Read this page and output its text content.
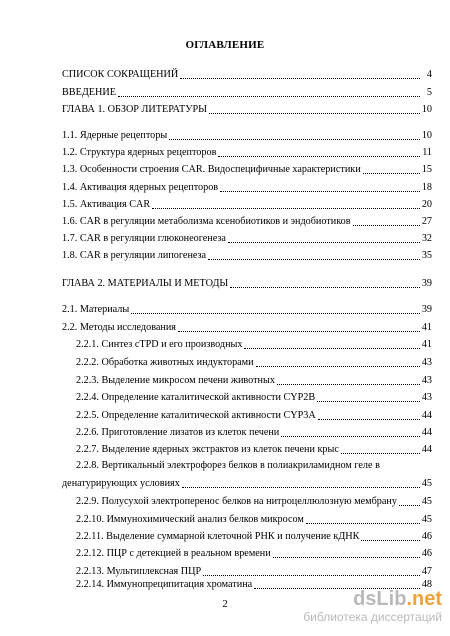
ОГЛАВЛЕНИЕ
СПИСОК СОКРАЩЕНИЙ	4
ВВЕДЕНИЕ	5
ГЛАВА 1. ОБЗОР ЛИТЕРАТУРЫ	10
1.1. Ядерные рецепторы	10
1.2. Структура ядерных рецепторов	11
1.3. Особенности строения CAR. Видоспецифичные характеристики	15
1.4. Активация ядерных рецепторов	18
1.5. Активация CAR	20
1.6. CAR в регуляции метаболизма ксенобиотиков и эндобиотиков	27
1.7. CAR в регуляции глюконеогенеза	32
1.8. CAR в регуляции липогенеза	35
ГЛАВА 2. МАТЕРИАЛЫ И МЕТОДЫ	39
2.1. Материалы	39
2.2. Методы исследования	41
2.2.1. Синтез сTPD и его производных	41
2.2.2. Обработка животных индукторами	43
2.2.3. Выделение микросом печени животных	43
2.2.4. Определение каталитической активности CYP2B	43
2.2.5. Определение каталитической активности CYP3A	44
2.2.6. Приготовление лизатов из клеток печени	44
2.2.7. Выделение ядерных экстрактов из клеток печени крыс	44
2.2.8. Вертикальный электрофорез белков в полиакриламидном геле в
денатурирующих условиях	45
2.2.9. Полусухой электроперенос белков на нитроцеллюлозную мембрану 45
2.2.10. Иммунохимический анализ белков микросом	45
2.2.11. Выделение суммарной клеточной РНК и получение кДНК	46
2.2.12. ПЦР с детекцией в реальном времени	46
2.2.13. Мультиплексная ПЦР	47
2.2.14. Иммунопреципитация хроматина	48
2	dsLib.net
библиотека диссертаций
